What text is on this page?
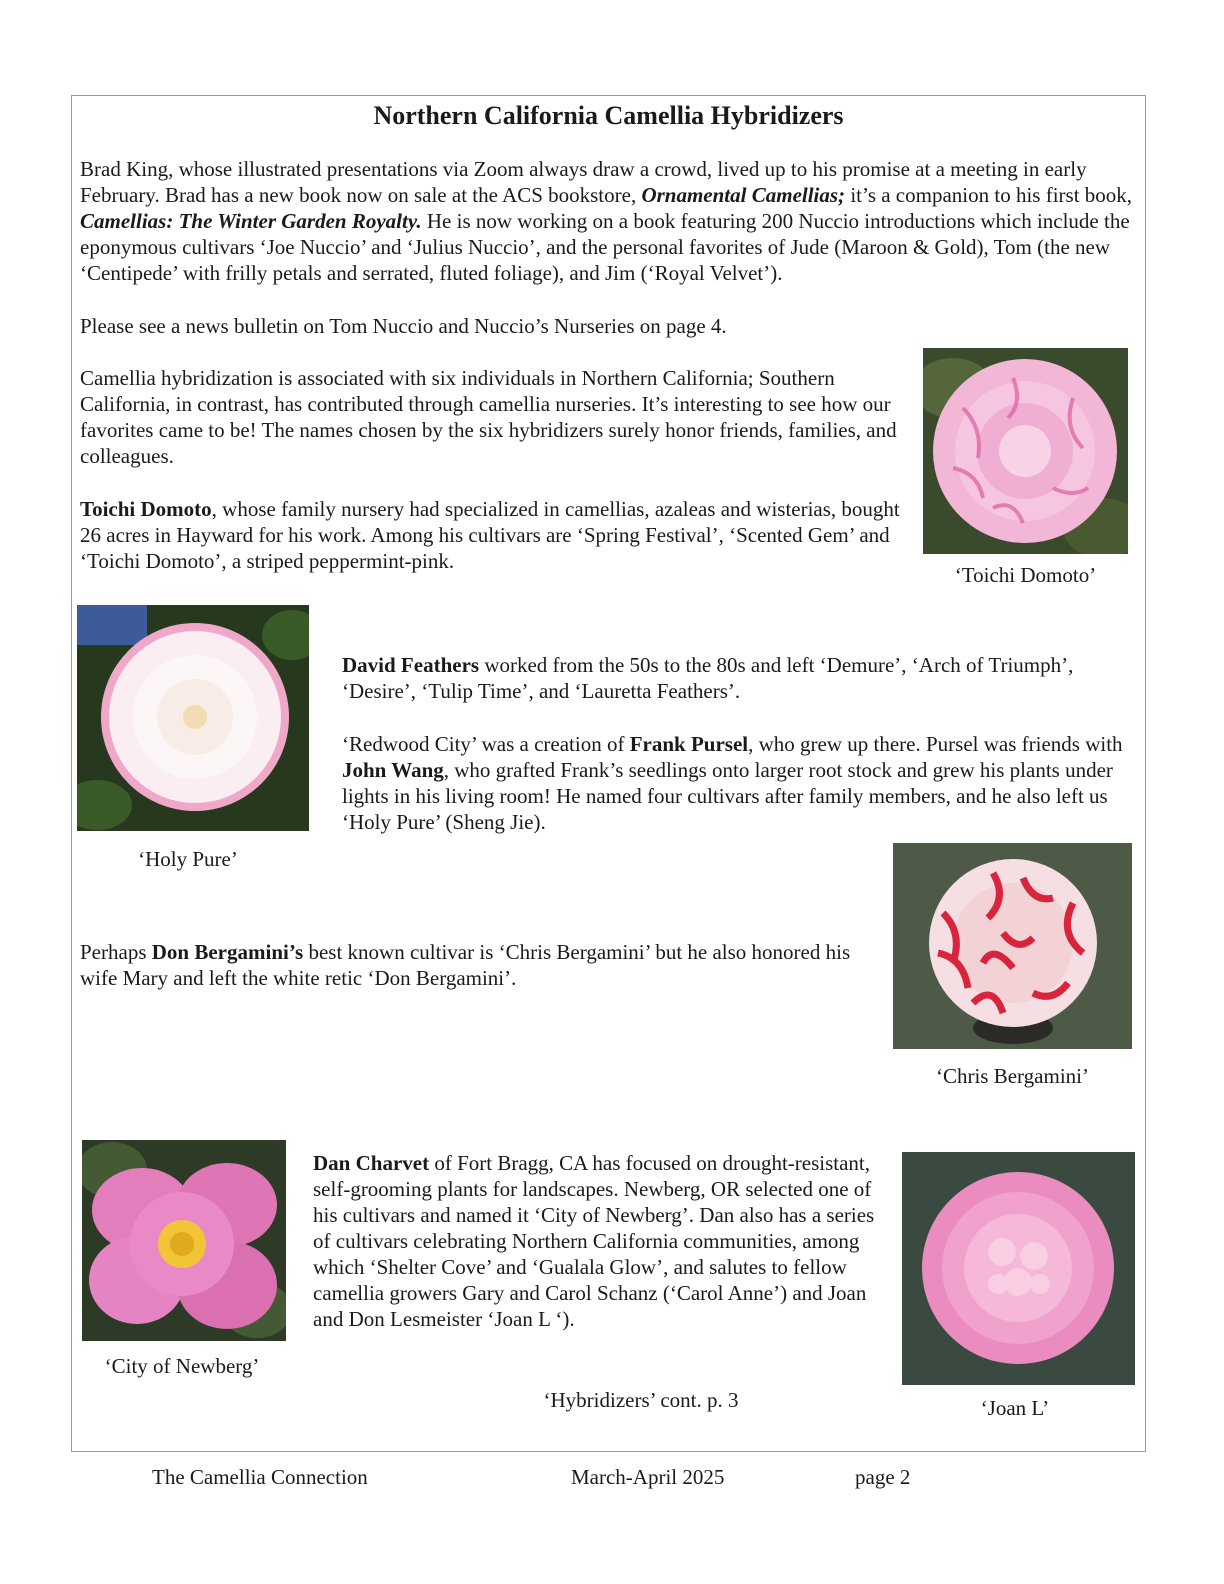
Northern California Camellia Hybridizers

Brad King, whose illustrated presentations via Zoom always draw a crowd, lived up to his promise at a meeting in early February. Brad has a new book now on sale at the ACS bookstore, Ornamental Camellias; it’s a companion to his first book, Camellias: The Winter Garden Royalty. He is now working on a book featuring 200 Nuccio introductions which include the eponymous cultivars ‘Joe Nuccio’ and ‘Julius Nuccio’, and the personal favorites of Jude (Maroon & Gold), Tom (the new ‘Centipede’ with frilly petals and serrated, fluted foliage), and Jim (‘Royal Velvet’).

Please see a news bulletin on Tom Nuccio and Nuccio’s Nurseries on page 4.

Camellia hybridization is associated with six individuals in Northern California; Southern California, in contrast, has contributed through camellia nurseries. It’s interesting to see how our favorites came to be! The names chosen by the six hybridizers surely honor friends, families, and colleagues.

Toichi Domoto, whose family nursery had specialized in camellias, azaleas and wisterias, bought 26 acres in Hayward for his work. Among his cultivars are ‘Spring Festival’, ‘Scented Gem’ and ‘Toichi Domoto’, a striped peppermint-pink.

‘Toichi Domoto’
‘Holy Pure’

David Feathers worked from the 50s to the 80s and left ‘Demure’, ‘Arch of Triumph’, ‘Desire’, ‘Tulip Time’, and ‘Lauretta Feathers’.

‘Redwood City’ was a creation of Frank Pursel, who grew up there. Pursel was friends with John Wang, who grafted Frank’s seedlings onto larger root stock and grew his plants under lights in his living room! He named four cultivars after family members, and he also left us ‘Holy Pure’ (Sheng Jie).

Perhaps Don Bergamini’s best known cultivar is ‘Chris Bergamini’ but he also honored his wife Mary and left the white retic ‘Don Bergamini’.

‘Chris Bergamini’
‘City of Newberg’

Dan Charvet of Fort Bragg, CA has focused on drought-resistant, self-grooming plants for landscapes. Newberg, OR selected one of his cultivars and named it ‘City of Newberg’. Dan also has a series of cultivars celebrating Northern California communities, among which ‘Shelter Cove’ and ‘Gualala Glow’, and salutes to fellow camellia growers Gary and Carol Schanz (‘Carol Anne’) and Joan and Don Lesmeister ‘Joan L ‘).

‘Joan L’
‘Hybridizers’ cont. p. 3
The Camellia Connection	March-April 2025	page 2
